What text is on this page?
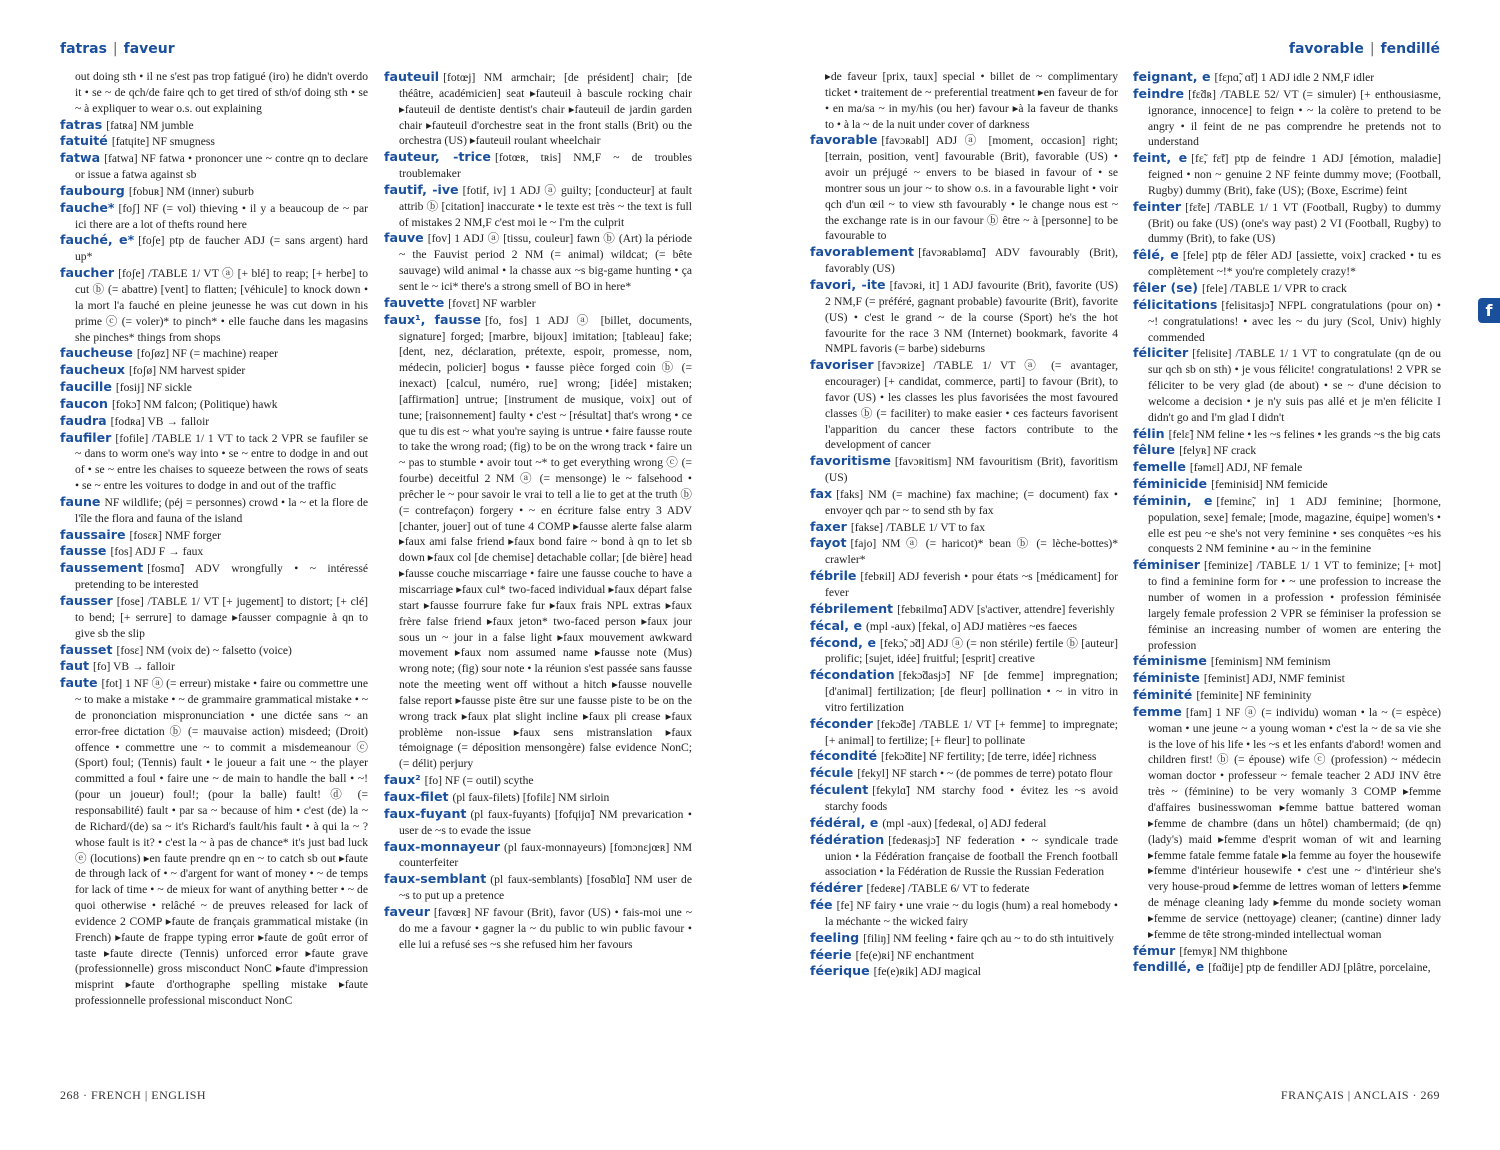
fatras | faveur	favorable | fendillé
out doing sth • il ne s'est pas trop fatigué (iro) he didn't overdo it • se ~ de qch/de faire qch to get tired of sth/of doing sth • se ~ à expliquer to wear o.s. out explaining
fatras [fatʀa] NM jumble
fatuité [fatɥite] NF smugness
fatwa [fatwa] NF fatwa • prononcer une ~ contre qn to declare or issue a fatwa against sb
faubourg [fobuʀ] NM (inner) suburb
fauche* [foʃ] NF (= vol) thieving • il y a beaucoup de ~ par ici there are a lot of thefts round here
fauché, e* [foʃe] ptp de faucher ADJ (= sans argent) hard up*
faucher [foʃe] /TABLE 1/ VT ⓐ [+ blé] to reap; [+ herbe] to cut ⓑ (= abattre) [vent] to flatten; [véhicule] to knock down • la mort l'a fauché en pleine jeunesse he was cut down in his prime ⓒ (= voler)* to pinch* • elle fauche dans les magasins she pinches* things from shops
faucheuse [foʃøz] NF (= machine) reaper
faucheux [foʃø] NM harvest spider
faucille [fosij] NF sickle
faucon [fokɔ̃] NM falcon; (Politique) hawk
faudra [fodʀa] VB → falloir
faufiler [fofile] /TABLE 1/ 1 VT to tack 2 VPR se faufiler se ~ dans to worm one's way into • se ~ entre to dodge in and out of • se ~ entre les chaises to squeeze between the rows of seats • se ~ entre les voitures to dodge in and out of the traffic
faune NF wildlife; (péj = personnes) crowd • la ~ et la flore de l'île the flora and fauna of the island
faussaire [fosɛʀ] NMF forger
fausse [fos] ADJ F → faux
faussement [fosmɑ̃] ADV wrongfully • ~ intéressé pretending to be interested
fausser [fose] /TABLE 1/ VT [+ jugement] to distort; [+ clé] to bend; [+ serrure] to damage ▸fausser compagnie à qn to give sb the slip
fausset [fosɛ] NM (voix de) ~ falsetto (voice)
faut [fo] VB → falloir
faute [fot] 1 NF ⓐ (= erreur) mistake • faire ou commettre une ~ to make a mistake • ~ de grammaire grammatical mistake • ~ de prononciation mispronunciation • une dictée sans ~ an error-free dictation ⓑ (= mauvaise action) misdeed; (Droit) offence • commettre une ~ to commit a misdemeanour ⓒ (Sport) foul; (Tennis) fault • le joueur a fait une ~ the player committed a foul • faire une ~ de main to handle the ball • ~! (pour un joueur) foul!; (pour la balle) fault! ⓓ (= responsabilité) fault • par sa ~ because of him • c'est (de) la ~ de Richard/(de) sa ~ it's Richard's fault/his fault • à qui la ~ ? whose fault is it? • c'est la ~ à pas de chance* it's just bad luck ⓔ (locutions) ▸en faute prendre qn en ~ to catch sb out ▸faute de through lack of • ~ d'argent for want of money • ~ de temps for lack of time • ~ de mieux for want of anything better • ~ de quoi otherwise • relâché ~ de preuves released for lack of evidence 2 COMP ▸faute de français grammatical mistake (in French) ▸faute de frappe typing error ▸faute de goût error of taste ▸faute directe (Tennis) unforced error ▸faute grave (professionnelle) gross misconduct NonC ▸faute d'impression misprint ▸faute d'orthographe spelling mistake ▸faute professionnelle professional misconduct NonC
fauteuil [fotœj] NM armchair; [de président] chair; [de théâtre, académicien] seat ▸fauteuil à bascule rocking chair ▸fauteuil de dentiste dentist's chair ▸fauteuil de jardin garden chair ▸fauteuil d'orchestre seat in the front stalls (Brit) ou the orchestra (US) ▸fauteuil roulant wheelchair
fauteur, -trice [fotœʀ, tʀis] NM,F ~ de troubles troublemaker
fautif, -ive [fotif, iv] 1 ADJ ⓐ guilty; [conducteur] at fault attrib ⓑ [citation] inaccurate • le texte est très ~ the text is full of mistakes 2 NM,F c'est moi le ~ I'm the culprit
fauve [fov] 1 ADJ ⓐ [tissu, couleur] fawn ⓑ (Art) la période ~ the Fauvist period 2 NM (= animal) wildcat; (= bête sauvage) wild animal • la chasse aux ~s big-game hunting • ça sent le ~ ici* there's a strong smell of BO in here*
fauvette [fovɛt] NF warbler
faux¹, fausse [fo, fos] 1 ADJ ⓐ [billet, documents, signature] forged; [marbre, bijoux] imitation; [tableau] fake; [dent, nez, déclaration, prétexte, espoir, promesse, nom, médecin, policier] bogus • fausse pièce forged coin ⓑ (= inexact) [calcul, numéro, rue] wrong; [idée] mistaken; [affirmation] untrue; [instrument de musique, voix] out of tune; [raisonnement] faulty • c'est ~ [résultat] that's wrong • ce que tu dis est ~ what you're saying is untrue • faire fausse route to take the wrong road; (fig) to be on the wrong track • faire un ~ pas to stumble • avoir tout ~* to get everything wrong ⓒ (= fourbe) deceitful 2 NM ⓐ (= mensonge) le ~ falsehood • prêcher le ~ pour savoir le vrai to tell a lie to get at the truth ⓑ (= contrefaçon) forgery • ~ en écriture false entry 3 ADV [chanter, jouer] out of tune 4 COMP ▸fausse alerte false alarm ▸faux ami false friend ▸faux bond faire ~ bond à qn to let sb down ▸faux col [de chemise] detachable collar; [de bière] head ▸fausse couche miscarriage • faire une fausse couche to have a miscarriage ▸faux cul* two-faced individual ▸faux départ false start ▸fausse fourrure fake fur ▸faux frais NPL extras ▸faux frère false friend ▸faux jeton* two-faced person ▸faux jour sous un ~ jour in a false light ▸faux mouvement awkward movement ▸faux nom assumed name ▸fausse note (Mus) wrong note; (fig) sour note • la réunion s'est passée sans fausse note the meeting went off without a hitch ▸fausse nouvelle false report ▸fausse piste être sur une fausse piste to be on the wrong track ▸faux plat slight incline ▸faux pli crease ▸faux problème non-issue ▸faux sens mistranslation ▸faux témoignage (= déposition mensongère) false evidence NonC; (= délit) perjury
faux² [fo] NF (= outil) scythe
faux-filet (pl faux-filets) [fofilɛ] NM sirloin
faux-fuyant (pl faux-fuyants) [fofɥijɑ̃] NM prevarication • user de ~s to evade the issue
faux-monnayeur (pl faux-monnayeurs) [fomɔnɛjœʀ] NM counterfeiter
faux-semblant (pl faux-semblants) [fosɑ̃blɑ̃] NM user de ~s to put up a pretence
faveur [favœʀ] NF favour (Brit), favor (US) • fais-moi une ~ do me a favour • gagner la ~ du public to win public favour • elle lui a refusé ses ~s she refused him her favours
▸de faveur [prix, taux] special • billet de ~ complimentary ticket • traitement de ~ preferential treatment ▸en faveur de for • en ma/sa ~ in my/his (ou her) favour ▸à la faveur de thanks to • à la ~ de la nuit under cover of darkness
favorable [favɔʀabl] ADJ ⓐ [moment, occasion] right; [terrain, position, vent] favourable (Brit), favorable (US) • avoir un préjugé ~ envers to be biased in favour of • se montrer sous un jour ~ to show o.s. in a favourable light • voir qch d'un œil ~ to view sth favourably • le change nous est ~ the exchange rate is in our favour ⓑ être ~ à [personne] to be favourable to
favorablement [favɔʀabləmɑ̃] ADV favourably (Brit), favorably (US)
favori, -ite [favɔʀi, it] 1 ADJ favourite (Brit), favorite (US) 2 NM,F (= préféré, gagnant probable) favourite (Brit), favorite (US) • c'est le grand ~ de la course (Sport) he's the hot favourite for the race 3 NM (Internet) bookmark, favorite 4 NMPL favoris (= barbe) sideburns
favoriser [favɔʀize] /TABLE 1/ VT ⓐ (= avantager, encourager) [+ candidat, commerce, parti] to favour (Brit), to favor (US) • les classes les plus favorisées the most favoured classes ⓑ (= faciliter) to make easier • ces facteurs favorisent l'apparition du cancer these factors contribute to the development of cancer
favoritisme [favɔʀitism] NM favouritism (Brit), favoritism (US)
fax [faks] NM (= machine) fax machine; (= document) fax • envoyer qch par ~ to send sth by fax
faxer [fakse] /TABLE 1/ VT to fax
fayot [fajo] NM ⓐ (= haricot)* bean ⓑ (= lèche-bottes)* crawler*
fébrile [febʀil] ADJ feverish • pour états ~s [médicament] for fever
fébrilement [febʀilmɑ̃] ADV [s'activer, attendre] feverishly
fécal, e (mpl -aux) [fekal, o] ADJ matières ~es faeces
fécond, e [fekɔ̃, ɔ̃d] ADJ ⓐ (= non stérile) fertile ⓑ [auteur] prolific; [sujet, idée] fruitful; [esprit] creative
fécondation [fekɔ̃dasjɔ̃] NF [de femme] impregnation; [d'animal] fertilization; [de fleur] pollination • ~ in vitro in vitro fertilization
féconder [fekɔ̃de] /TABLE 1/ VT [+ femme] to impregnate; [+ animal] to fertilize; [+ fleur] to pollinate
fécondité [fekɔ̃dite] NF fertility; [de terre, idée] richness
fécule [fekyl] NF starch • ~ (de pommes de terre) potato flour
féculent [fekylɑ̃] NM starchy food • évitez les ~s avoid starchy foods
fédéral, e (mpl -aux) [fedeʀal, o] ADJ federal
fédération [fedeʀasjɔ̃] NF federation • ~ syndicale trade union • la Fédération française de football the French football association • la Fédération de Russie the Russian Federation
fédérer [fedeʀe] /TABLE 6/ VT to federate
fée [fe] NF fairy • une vraie ~ du logis (hum) a real homebody • la méchante ~ the wicked fairy
feeling [filiŋ] NM feeling • faire qch au ~ to do sth intuitively
féerie [fe(e)ʀi] NF enchantment
féerique [fe(e)ʀik] ADJ magical
feignant, e [fɛɲɑ̃, ɑ̃t] 1 ADJ idle 2 NM,F idler
feindre [fɛ̃dʀ] /TABLE 52/ VT (= simuler) [+ enthousiasme, ignorance, innocence] to feign • ~ la colère to pretend to be angry • il feint de ne pas comprendre he pretends not to understand
feint, e [fɛ̃, fɛ̃t] ptp de feindre 1 ADJ [émotion, maladie] feigned • non ~ genuine 2 NF feinte dummy move; (Football, Rugby) dummy (Brit), fake (US); (Boxe, Escrime) feint
feinter [fɛ̃te] /TABLE 1/ 1 VT (Football, Rugby) to dummy (Brit) ou fake (US) (one's way past) 2 VI (Football, Rugby) to dummy (Brit), to fake (US)
fêlé, e [fele] ptp de fêler ADJ [assiette, voix] cracked • tu es complètement ~!* you're completely crazy!*
fêler (se) [fele] /TABLE 1/ VPR to crack
félicitations [felisitasjɔ̃] NFPL congratulations (pour on) • ~! congratulations! • avec les ~ du jury (Scol, Univ) highly commended
féliciter [felisite] /TABLE 1/ 1 VT to congratulate (qn de ou sur qch sb on sth) • je vous félicite! congratulations! 2 VPR se féliciter to be very glad (de about) • se ~ d'une décision to welcome a decision • je n'y suis pas allé et je m'en félicite I didn't go and I'm glad I didn't
félin [felɛ̃] NM feline • les ~s felines • les grands ~s the big cats
fêlure [felyʀ] NF crack
femelle [fəmɛl] ADJ, NF female
féminicide [feminisid] NM femicide
féminin, e [feminɛ̃, in] 1 ADJ feminine; [hormone, population, sexe] female; [mode, magazine, équipe] women's • elle est peu ~e she's not very feminine • ses conquêtes ~es his conquests 2 NM feminine • au ~ in the feminine
féminiser [feminize] /TABLE 1/ 1 VT to feminize; [+ mot] to find a feminine form for • ~ une profession to increase the number of women in a profession • profession féminisée largely female profession 2 VPR se féminiser la profession se féminise an increasing number of women are entering the profession
féminisme [feminism] NM feminism
féministe [feminist] ADJ, NMF feminist
féminité [feminite] NF femininity
femme [fam] 1 NF ⓐ (= individu) woman • la ~ (= espèce) woman • une jeune ~ a young woman • c'est la ~ de sa vie she is the love of his life • les ~s et les enfants d'abord! women and children first! ⓑ (= épouse) wife ⓒ (profession) ~ médecin woman doctor • professeur ~ female teacher 2 ADJ INV être très ~ (féminine) to be very womanly 3 COMP ▸femme d'affaires businesswoman ▸femme battue battered woman ▸femme de chambre (dans un hôtel) chambermaid; (de qn) (lady's) maid ▸femme d'esprit woman of wit and learning ▸femme fatale femme fatale ▸la femme au foyer the housewife ▸femme d'intérieur housewife • c'est une ~ d'intérieur she's very house-proud ▸femme de lettres woman of letters ▸femme de ménage cleaning lady ▸femme du monde society woman ▸femme de service (nettoyage) cleaner; (cantine) dinner lady ▸femme de tête strong-minded intellectual woman
fémur [femyʀ] NM thighbone
fendillé, e [fɑ̃dije] ptp de fendiller ADJ [plâtre, porcelaine,
f
268 · FRENCH | ENGLISH	FRANÇAIS | ANCLAIS · 269
